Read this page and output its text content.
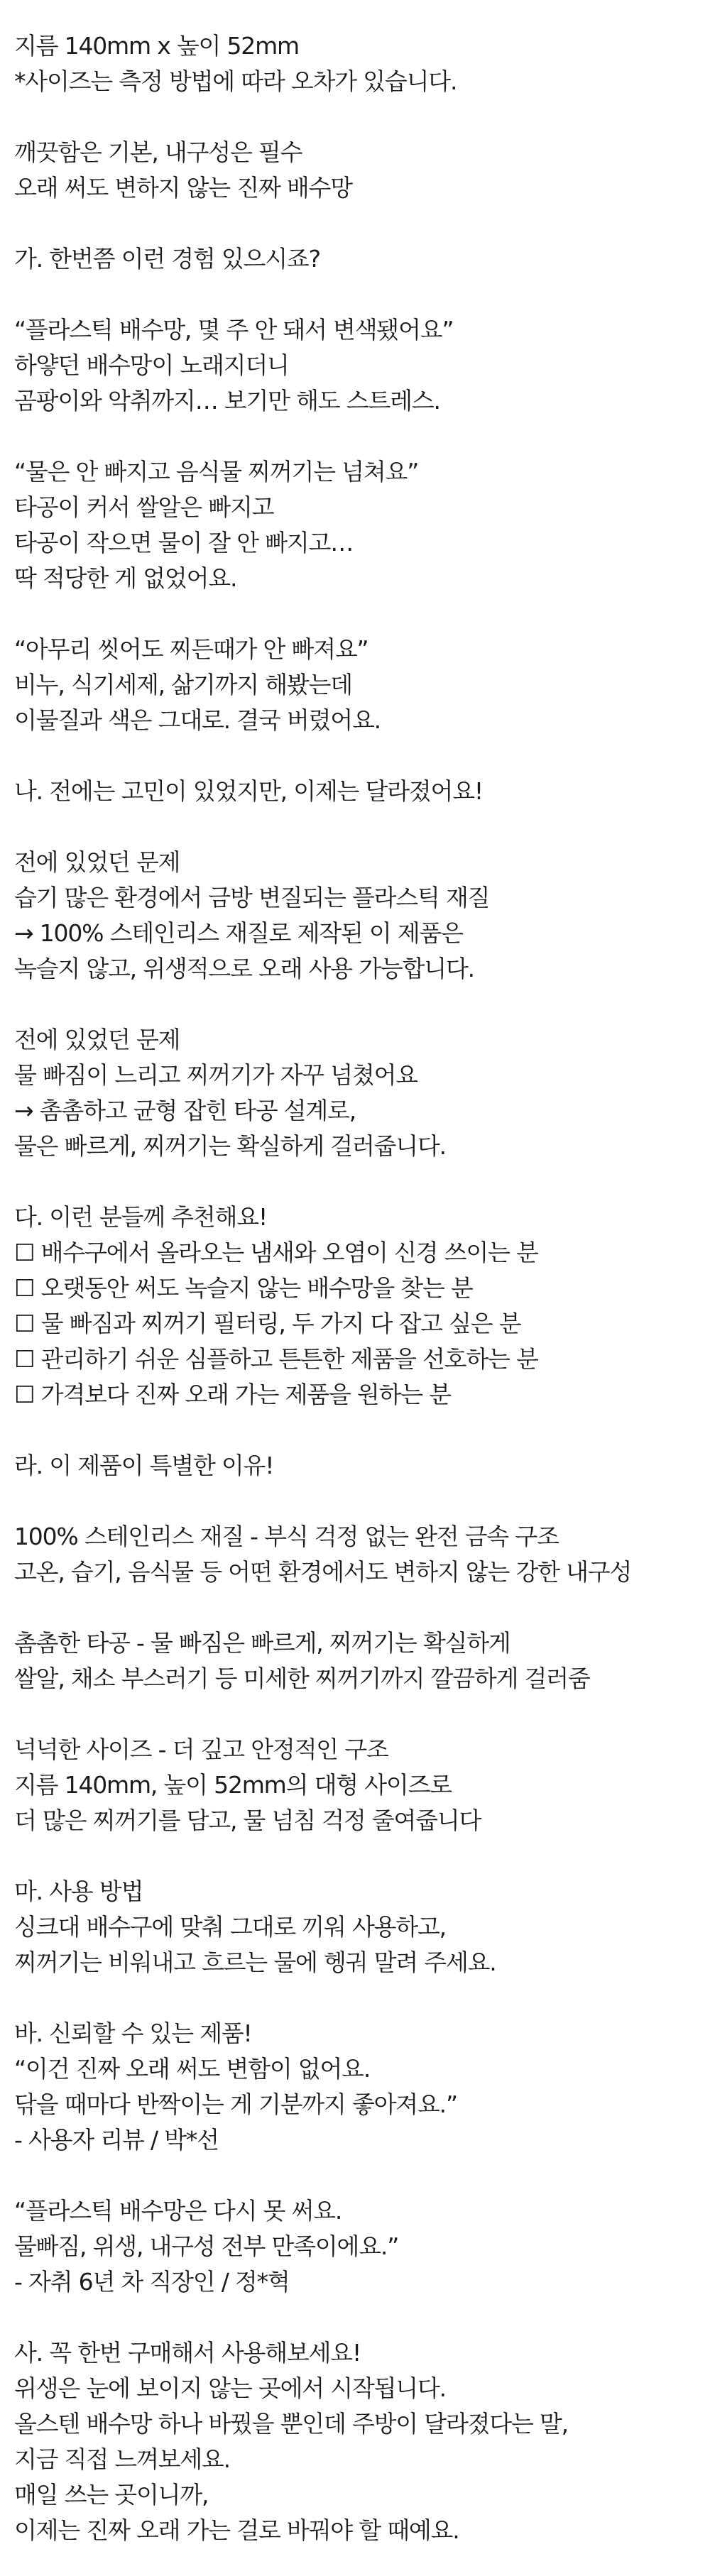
지름 140mm x 높이 52mm
*사이즈는 측정 방법에 따라 오차가 있습니다.
깨끗함은 기본, 내구성은 필수
오래 써도 변하지 않는 진짜 배수망
가. 한번쯤 이런 경험 있으시죠?
“플라스틱 배수망, 몇 주 안 돼서 변색됐어요”
하얗던 배수망이 노래지더니
곰팡이와 악취까지… 보기만 해도 스트레스.
“물은 안 빠지고 음식물 찌꺼기는 넘쳐요”
타공이 커서 쌀알은 빠지고
타공이 작으면 물이 잘 안 빠지고…
딱 적당한 게 없었어요.
“아무리 씻어도 찌든때가 안 빠져요”
비누, 식기세제, 삶기까지 해봤는데
이물질과 색은 그대로. 결국 버렸어요.
나. 전에는 고민이 있었지만, 이제는 달라졌어요!
전에 있었던 문제
습기 많은 환경에서 금방 변질되는 플라스틱 재질
→ 100% 스테인리스 재질로 제작된 이 제품은
녹슬지 않고, 위생적으로 오래 사용 가능합니다.
전에 있었던 문제
물 빠짐이 느리고 찌꺼기가 자꾸 넘쳤어요
→ 촘촘하고 균형 잡힌 타공 설계로,
물은 빠르게, 찌꺼기는 확실하게 걸러줍니다.
다. 이런 분들께 추천해요!
☐ 배수구에서 올라오는 냄새와 오염이 신경 쓰이는 분
☐ 오랫동안 써도 녹슬지 않는 배수망을 찾는 분
☐ 물 빠짐과 찌꺼기 필터링, 두 가지 다 잡고 싶은 분
☐ 관리하기 쉬운 심플하고 튼튼한 제품을 선호하는 분
☐ 가격보다 진짜 오래 가는 제품을 원하는 분
라. 이 제품이 특별한 이유!
100% 스테인리스 재질 - 부식 걱정 없는 완전 금속 구조
고온, 습기, 음식물 등 어떤 환경에서도 변하지 않는 강한 내구성
촘촘한 타공 - 물 빠짐은 빠르게, 찌꺼기는 확실하게
쌀알, 채소 부스러기 등 미세한 찌꺼기까지 깔끔하게 걸러줌
넉넉한 사이즈 - 더 깊고 안정적인 구조
지름 140mm, 높이 52mm의 대형 사이즈로
더 많은 찌꺼기를 담고, 물 넘침 걱정 줄여줍니다
마. 사용 방법
싱크대 배수구에 맞춰 그대로 끼워 사용하고,
찌꺼기는 비워내고 흐르는 물에 헹궈 말려 주세요.
바. 신뢰할 수 있는 제품!
“이건 진짜 오래 써도 변함이 없어요.
닦을 때마다 반짝이는 게 기분까지 좋아져요.”
- 사용자 리뷰 / 박*선
“플라스틱 배수망은 다시 못 써요.
물빠짐, 위생, 내구성 전부 만족이에요.”
- 자취 6년 차 직장인 / 정*혁
사. 꼭 한번 구매해서 사용해보세요!
위생은 눈에 보이지 않는 곳에서 시작됩니다.
올스텐 배수망 하나 바꿨을 뿐인데 주방이 달라졌다는 말,
지금 직접 느껴보세요.
매일 쓰는 곳이니까,
이제는 진짜 오래 가는 걸로 바꿔야 할 때예요.
